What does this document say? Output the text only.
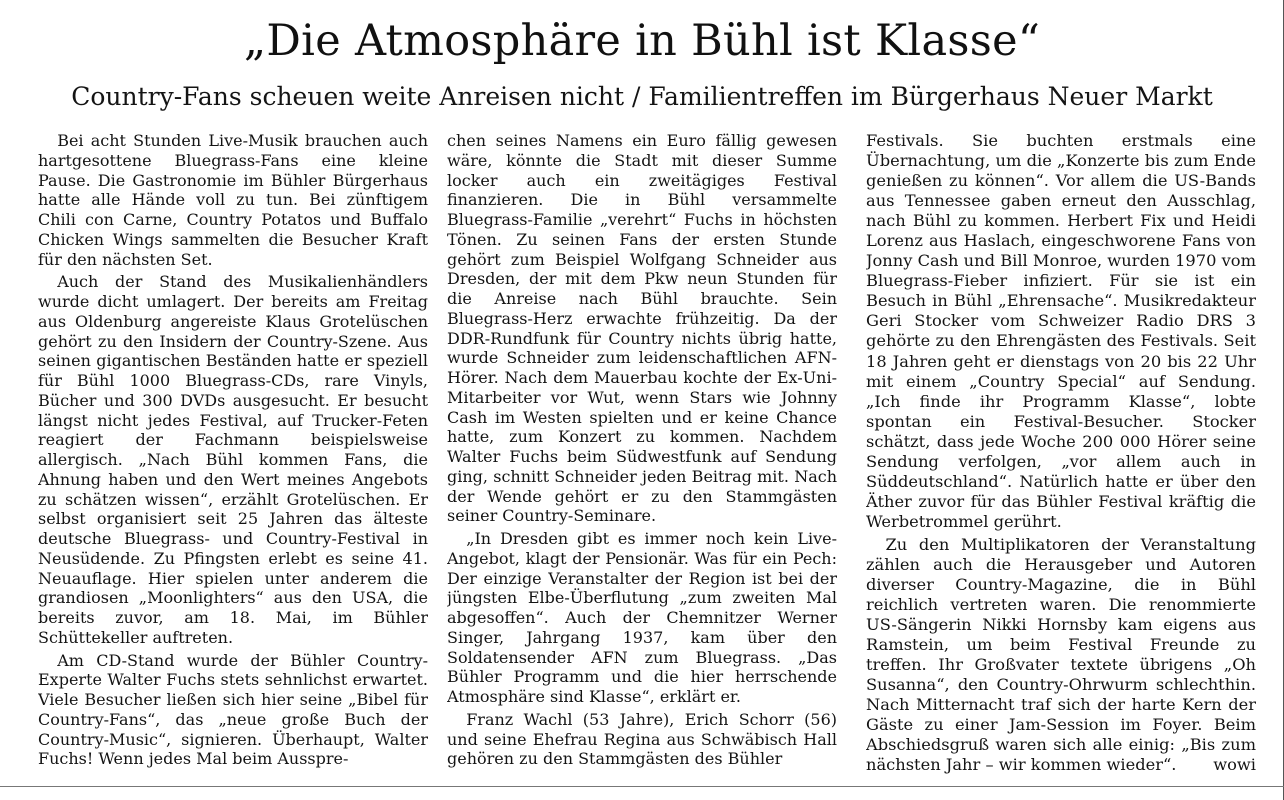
„Die Atmosphäre in Bühl ist Klasse“
Country-Fans scheuen weite Anreisen nicht / Familientreffen im Bürgerhaus Neuer Markt

Bei acht Stunden Live-Musik brauchen auch hartgesottene Bluegrass-Fans eine kleine Pause. Die Gastronomie im Bühler Bürgerhaus hatte alle Hände voll zu tun. Bei zünftigem Chili con Carne, Country Potatos und Buffalo Chicken Wings sammelten die Besucher Kraft für den nächsten Set.

Auch der Stand des Musikalienhändlers wurde dicht umlagert. Der bereits am Freitag aus Oldenburg angereiste Klaus Grotelüschen gehört zu den Insidern der Country-Szene. Aus seinen gigantischen Beständen hatte er speziell für Bühl 1000 Bluegrass-CDs, rare Vinyls, Bücher und 300 DVDs ausgesucht. Er besucht längst nicht jedes Festival, auf Trucker-Feten reagiert der Fachmann beispielsweise allergisch. „Nach Bühl kommen Fans, die Ahnung haben und den Wert meines Angebots zu schätzen wissen“, erzählt Grotelüschen. Er selbst organisiert seit 25 Jahren das älteste deutsche Bluegrass- und Country-Festival in Neusüdende. Zu Pfingsten erlebt es seine 41. Neuauflage. Hier spielen unter anderem die grandiosen „Moonlighters“ aus den USA, die bereits zuvor, am 18. Mai, im Bühler Schüttekeller auftreten.

Am CD-Stand wurde der Bühler Country-Experte Walter Fuchs stets sehnlichst erwartet. Viele Besucher ließen sich hier seine „Bibel für Country-Fans“, das „neue große Buch der Country-Music“, signieren. Überhaupt, Walter Fuchs! Wenn jedes Mal beim Ausspre-

chen seines Namens ein Euro fällig gewesen wäre, könnte die Stadt mit dieser Summe locker auch ein zweitägiges Festival finanzieren. Die in Bühl versammelte Bluegrass-Familie „verehrt“ Fuchs in höchsten Tönen. Zu seinen Fans der ersten Stunde gehört zum Beispiel Wolfgang Schneider aus Dresden, der mit dem Pkw neun Stunden für die Anreise nach Bühl brauchte. Sein Bluegrass-Herz erwachte frühzeitig. Da der DDR-Rundfunk für Country nichts übrig hatte, wurde Schneider zum leidenschaftlichen AFN-Hörer. Nach dem Mauerbau kochte der Ex-Uni-Mitarbeiter vor Wut, wenn Stars wie Johnny Cash im Westen spielten und er keine Chance hatte, zum Konzert zu kommen. Nachdem Walter Fuchs beim Südwestfunk auf Sendung ging, schnitt Schneider jeden Beitrag mit. Nach der Wende gehört er zu den Stammgästen seiner Country-Seminare.

„In Dresden gibt es immer noch kein Live-Angebot, klagt der Pensionär. Was für ein Pech: Der einzige Veranstalter der Region ist bei der jüngsten Elbe-Überflutung „zum zweiten Mal abgesoffen“. Auch der Chemnitzer Werner Singer, Jahrgang 1937, kam über den Soldatensender AFN zum Bluegrass. „Das Bühler Programm und die hier herrschende Atmosphäre sind Klasse“, erklärt er.

Franz Wachl (53 Jahre), Erich Schorr (56) und seine Ehefrau Regina aus Schwäbisch Hall gehören zu den Stammgästen des Bühler

Festivals. Sie buchten erstmals eine Übernachtung, um die „Konzerte bis zum Ende genießen zu können“. Vor allem die US-Bands aus Tennessee gaben erneut den Ausschlag, nach Bühl zu kommen. Herbert Fix und Heidi Lorenz aus Haslach, eingeschworene Fans von Jonny Cash und Bill Monroe, wurden 1970 vom Bluegrass-Fieber infiziert. Für sie ist ein Besuch in Bühl „Ehrensache“. Musikredakteur Geri Stocker vom Schweizer Radio DRS 3 gehörte zu den Ehrengästen des Festivals. Seit 18 Jahren geht er dienstags von 20 bis 22 Uhr mit einem „Country Special“ auf Sendung. „Ich finde ihr Programm Klasse“, lobte spontan ein Festival-Besucher. Stocker schätzt, dass jede Woche 200 000 Hörer seine Sendung verfolgen, „vor allem auch in Süddeutschland“. Natürlich hatte er über den Äther zuvor für das Bühler Festival kräftig die Werbetrommel gerührt.

Zu den Multiplikatoren der Veranstaltung zählen auch die Herausgeber und Autoren diverser Country-Magazine, die in Bühl reichlich vertreten waren. Die renommierte US-Sängerin Nikki Hornsby kam eigens aus Ramstein, um beim Festival Freunde zu treffen. Ihr Großvater textete übrigens „Oh Susanna“, den Country-Ohrwurm schlechthin. Nach Mitternacht traf sich der harte Kern der Gäste zu einer Jam-Session im Foyer. Beim Abschiedsgruß waren sich alle einig: „Bis zum nächsten Jahr – wir kommen wieder“.	wowi
